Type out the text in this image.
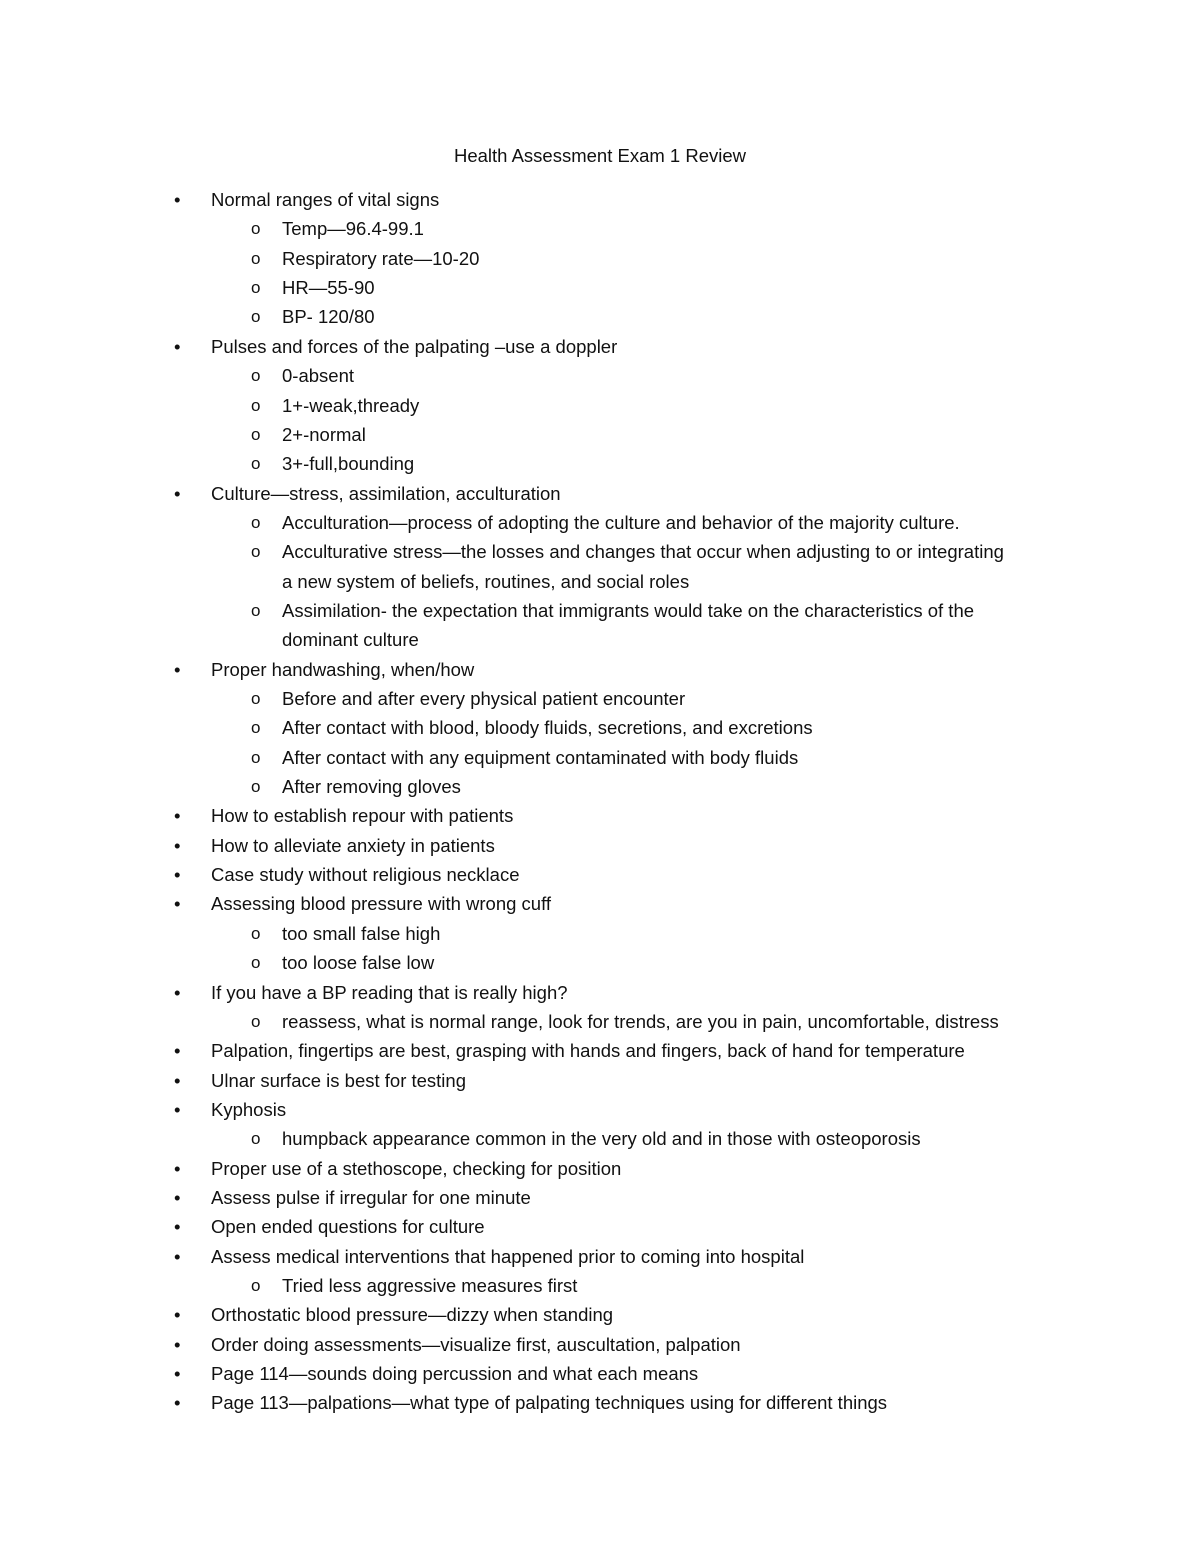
Health Assessment Exam 1 Review
• Normal ranges of vital signs
o Temp—96.4-99.1
o Respiratory rate—10-20
o HR—55-90
o BP- 120/80
• Pulses and forces of the palpating –use a doppler
o 0-absent
o 1+-weak,thready
o 2+-normal
o 3+-full,bounding
• Culture—stress, assimilation, acculturation
o Acculturation—process of adopting the culture and behavior of the majority culture.
o Acculturative stress—the losses and changes that occur when adjusting to or integrating
a new system of beliefs, routines, and social roles
o Assimilation- the expectation that immigrants would take on the characteristics of the
dominant culture
• Proper handwashing, when/how
o Before and after every physical patient encounter
o After contact with blood, bloody fluids, secretions, and excretions
o After contact with any equipment contaminated with body fluids
o After removing gloves
• How to establish repour with patients
• How to alleviate anxiety in patients
• Case study without religious necklace
• Assessing blood pressure with wrong cuff
o too small false high
o too loose false low
• If you have a BP reading that is really high?
o reassess, what is normal range, look for trends, are you in pain, uncomfortable, distress
• Palpation, fingertips are best, grasping with hands and fingers, back of hand for temperature
• Ulnar surface is best for testing
• Kyphosis
o humpback appearance common in the very old and in those with osteoporosis
• Proper use of a stethoscope, checking for position
• Assess pulse if irregular for one minute
• Open ended questions for culture
• Assess medical interventions that happened prior to coming into hospital
o Tried less aggressive measures first
• Orthostatic blood pressure—dizzy when standing
• Order doing assessments—visualize first, auscultation, palpation
• Page 114—sounds doing percussion and what each means
• Page 113—palpations—what type of palpating techniques using for different things
